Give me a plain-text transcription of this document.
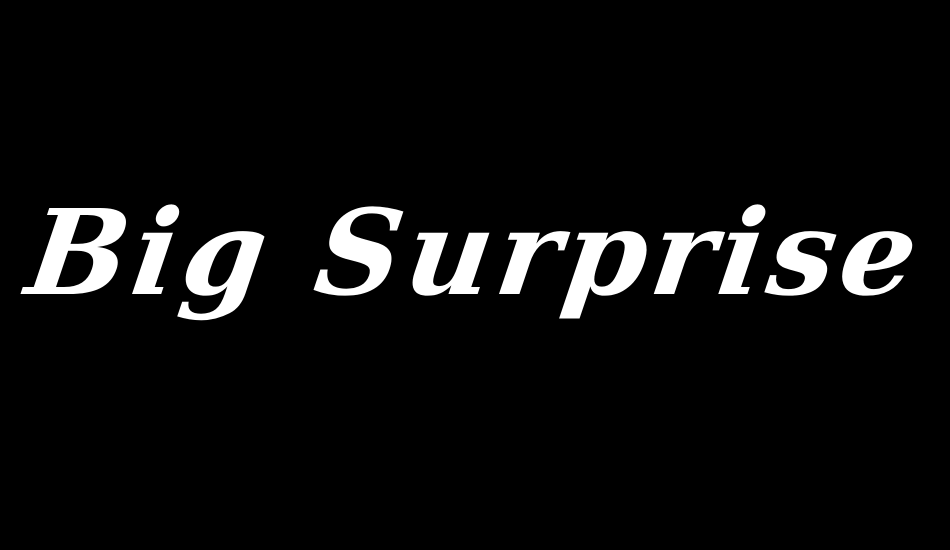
Big Surprise
